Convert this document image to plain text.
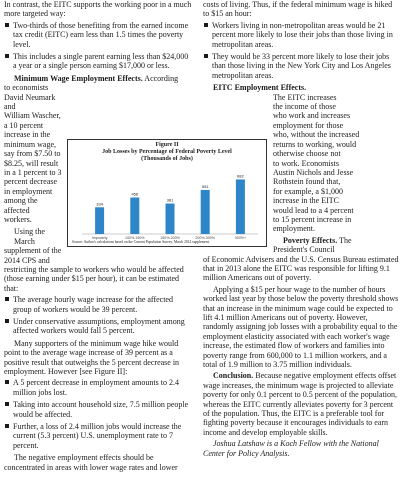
In contrast, the EITC supports the working poor in a much more targeted way:

Two-thirds of those benefiting from the earned income tax credit (EITC) earn less than 1.5 times the poverty level.
This includes a single parent earning less than $24,000 a year or a single person earning $17,000 or less.

Minimum Wage Employment Effects. According

to economists
David Neumark and
William Wascher,
a 10 percent
increase in the
minimum wage,
say from $7.50 to
$8.25, will result
in a 1 percent to 3
percent decrease
in employment
among the affected
workers.
Using the March
supplement of the
2014 CPS and

restricting the sample to workers who would be affected (those earning under $15 per hour), it can be estimated that:

The average hourly wage increase for the affected group of workers would be 39 percent.
Under conservative assumptions, employment among affected workers would fall 5 percent.

Many supporters of the minimum wage hike would point to the average wage increase of 39 percent as a positive result that outweighs the 5 percent decrease in employment. However [see Figure II]:

A 5 percent decrease in employment amounts to 2.4 million jobs lost.
Taking into account household size, 7.5 million people would be affected.
Further, a loss of 2.4 million jobs would increase the current (5.3 percent) U.S. unemployment rate to 7 percent.

The negative employment effects should be concentrated in areas with lower wage rates and lower

costs of living. Thus, if the federal minimum wage is hiked to $15 an hour:

Workers living in non-metropolitan areas would be 21 percent more likely to lose their jobs than those living in metropolitan areas.
They would be 33 percent more likely to lose their jobs than those living in the New York City and Los Angeles metropolitan areas.

EITC Employment Effects.

The EITC increases

the income of those

who work and increases

employment for those

who, without the increased

returns to working, would

otherwise choose not

to work. Economists

Austin Nichols and Jesse

Rothstein found that,

for example, a $1,000

increase in the EITC

would lead to a 4 percent

to 15 percent increase in

employment.

Poverty Effects. The

President's Council

of Economic Advisers and the U.S. Census Bureau estimated that in 2013 alone the EITC was responsible for lifting 9.1 million Americans out of poverty.

Applying a $15 per hour wage to the number of hours worked last year by those below the poverty threshold shows that an increase in the minimum wage could be expected to lift 4.1 million Americans out of poverty. However, randomly assigning job losses with a probability equal to the employment elasticity associated with each worker's wage increase, the estimated flow of workers and families into poverty range from 600,000 to 1.1 million workers, and a total of 1.9 million to 3.75 million individuals.

Conclusion. Because negative employment effects offset wage increases, the minimum wage is projected to alleviate poverty for only 0.1 percent to 0.5 percent of the population, whereas the EITC currently alleviates poverty for 3 percent of the population. Thus, the EITC is a preferable tool for fighting poverty because it encourages individuals to earn income and develop employable skills.

Joshua Latshaw is a Koch Fellow with the National Center for Policy Analysis.

Figure II
Job Losses by Percentage of Federal Poverty Level
(Thousands of Jobs)
334
Impoverty
456
100%-150%
381
150%-200%
551
200%-300%
682
300%+
Source: Author's calculations based on the Current Population Survey, March 2014 supplement.
